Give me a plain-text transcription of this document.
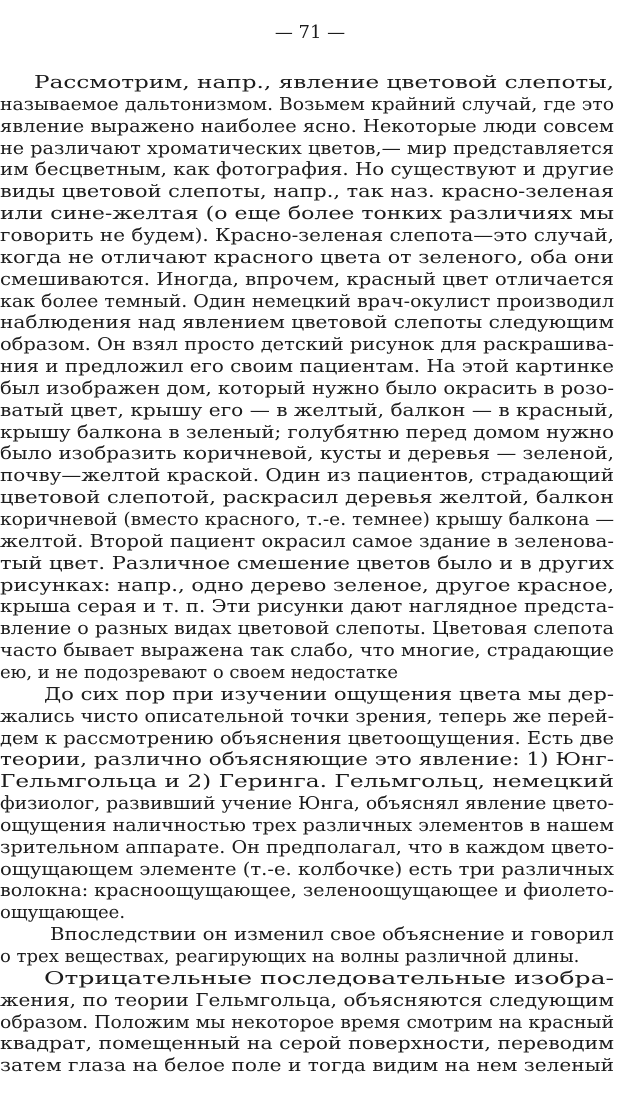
— 71 —
Рассмотрим, напр., явление цветовой слепоты,
называемое дальтонизмом. Возьмем крайний случай, где это
явление выражено наиболее ясно. Некоторые люди совсем
не различают хроматических цветов,— мир представляется
им бесцветным, как фотография. Но существуют и другие
виды цветовой слепоты, напр., так наз. красно-зеленая
или сине-желтая (о еще более тонких различиях мы
говорить не будем). Красно-зеленая слепота—это случай,
когда не отличают красного цвета от зеленого, оба они
смешиваются. Иногда, впрочем, красный цвет отличается
как более темный. Один немецкий врач-окулист производил
наблюдения над явлением цветовой слепоты следующим
образом. Он взял просто детский рисунок для раскрашива-
ния и предложил его своим пациентам. На этой картинке
был изображен дом, который нужно было окрасить в розо-
ватый цвет, крышу его — в желтый, балкон — в красный,
крышу балкона в зеленый; голубятню перед домом нужно
было изобразить коричневой, кусты и деревья — зеленой,
почву—желтой краской. Один из пациентов, страдающий
цветовой слепотой, раскрасил деревья желтой, балкон
коричневой (вместо красного, т.-е. темнее) крышу балкона —
желтой. Второй пациент окрасил самое здание в зеленова-
тый цвет. Различное смешение цветов было и в других
рисунках: напр., одно дерево зеленое, другое красное,
крыша серая и т. п. Эти рисунки дают наглядное предста-
вление о разных видах цветовой слепоты. Цветовая слепота
часто бывает выражена так слабо, что многие, страдающие
ею, и не подозревают о своем недостатке
До сих пор при изучении ощущения цвета мы дер-
жались чисто описательной точки зрения, теперь же перей-
дем к рассмотрению объяснения цветоощущения. Есть две
теории, различно объясняющие это явление: 1) Юнг-
Гельмгольца и 2) Геринга. Гельмгольц, немецкий
физиолог, развивший учение Юнга, объяснял явление цвето-
ощущения наличностью трех различных элементов в нашем
зрительном аппарате. Он предполагал, что в каждом цвето-
ощущающем элементе (т.-е. колбочке) есть три различных
волокна: красноощущающее, зеленоощущающее и фиолето-
ощущающее.
Впоследствии он изменил свое объяснение и говорил
о трех веществах, реагирующих на волны различной длины.
Отрицательные последовательные изобра-
жения, по теории Гельмгольца, объясняются следующим
образом. Положим мы некоторое время смотрим на красный
квадрат, помещенный на серой поверхности, переводим
затем глаза на белое поле и тогда видим на нем зеленый
